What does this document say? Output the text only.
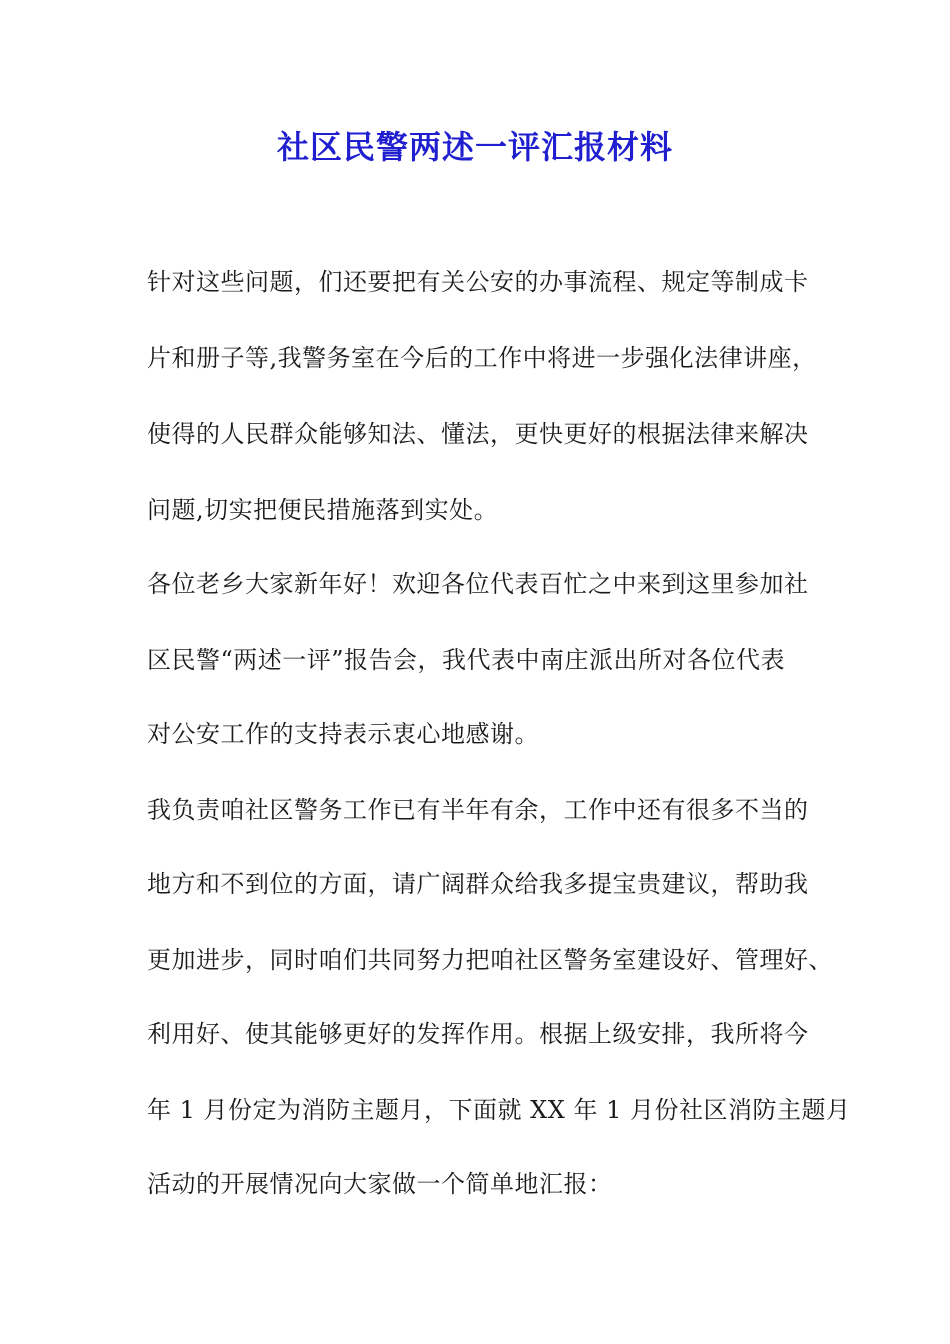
社区民警两述一评汇报材料
针对这些问题，们还要把有关公安的办事流程、规定等制成卡
片和册子等,我警务室在今后的工作中将进一步强化法律讲座，
使得的人民群众能够知法、懂法，更快更好的根据法律来解决
问题,切实把便民措施落到实处。
各位老乡大家新年好！欢迎各位代表百忙之中来到这里参加社
区民警“两述一评”报告会，我代表中南庄派出所对各位代表
对公安工作的支持表示衷心地感谢。
我负责咱社区警务工作已有半年有余，工作中还有很多不当的
地方和不到位的方面，请广阔群众给我多提宝贵建议，帮助我
更加进步，同时咱们共同努力把咱社区警务室建设好、管理好、
利用好、使其能够更好的发挥作用。根据上级安排，我所将今
年 1 月份定为消防主题月，下面就 XX 年 1 月份社区消防主题月
活动的开展情况向大家做一个简单地汇报：
